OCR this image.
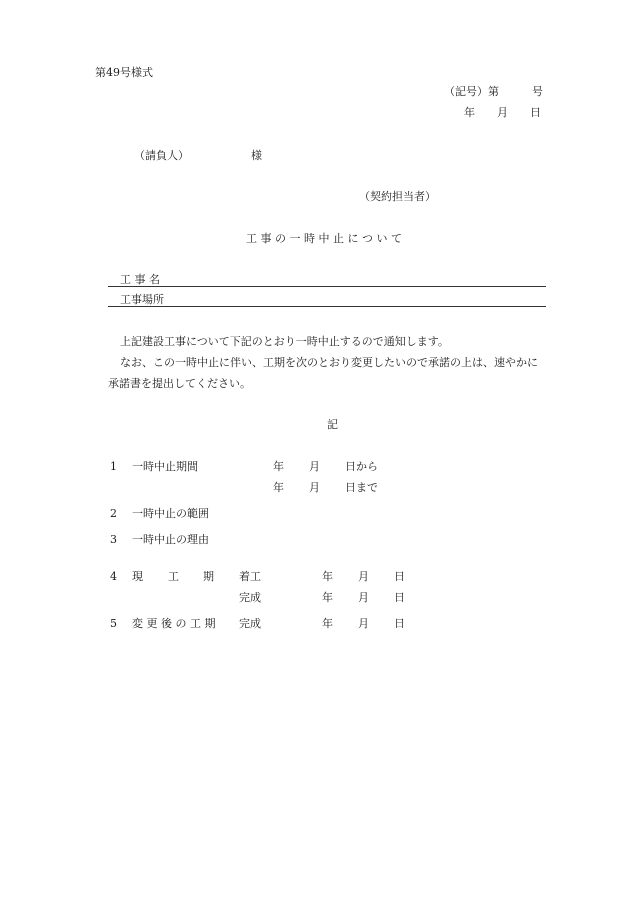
第49号様式
（記号）第　　　号
年　　月　　日
（請負人）	様
（契約担当者）
工 事 の 一 時 中 止 に つ い て
工 事 名
工事場所
上記建設工事について下記のとおり一時中止するので通知します。
なお、この一時中止に伴い、工期を次のとおり変更したいので承諾の上は、速やかに
承諾書を提出してください。
記
1 一時中止期間	年 月 日から
年 月 日まで
2 一時中止の範囲
3 一時中止の理由
4 現 工 期 着工	年 月 日
完成	年 月 日
5 変 更 後 の 工 期 完成	年 月 日
